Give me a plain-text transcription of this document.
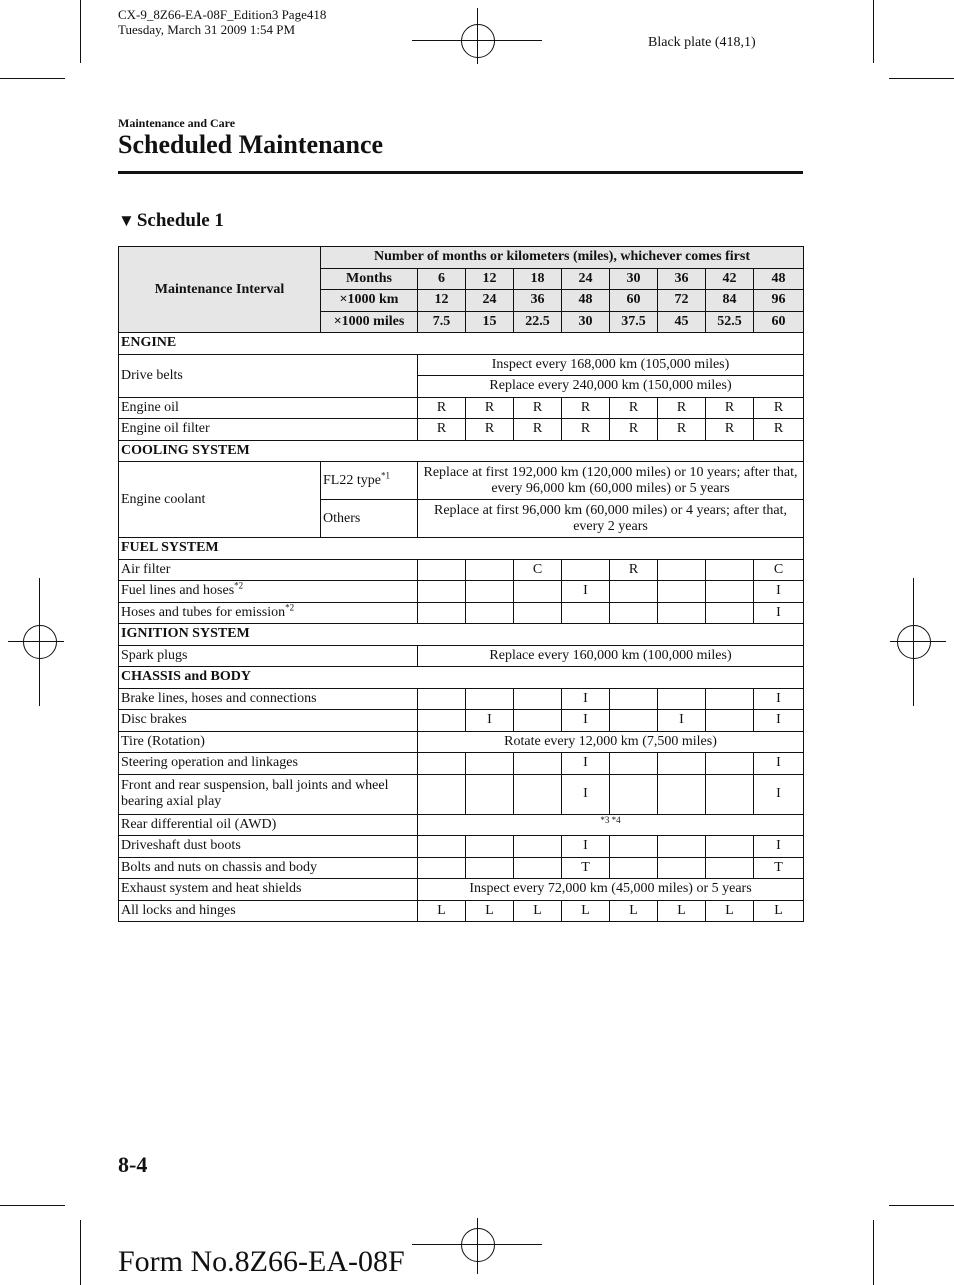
CX-9_8Z66-EA-08F_Edition3 Page418
Tuesday, March 31 2009 1:54 PM
Black plate (418,1)
Maintenance and Care
Scheduled Maintenance
▼ Schedule 1
Maintenance Interval	Number of months or kilometers (miles), whichever comes first								
	Months	6	12	18	24	30	36	42	48
	×1000 km	12	24	36	48	60	72	84	96
	×1000 miles	7.5	15	22.5	30	37.5	45	52.5	60
ENGINE									
Drive belts		Inspect every 168,000 km (105,000 miles)							
		Replace every 240,000 km (150,000 miles)							
Engine oil		R	R	R	R	R	R	R	R
Engine oil filter		R	R	R	R	R	R	R	R
COOLING SYSTEM									
Engine coolant	FL22 type$^{*1}$	Replace at first 192,000 km (120,000 miles) or 10 years; after that, every 96,000 km (60,000 miles) or 5 years							
	Others	Replace at first 96,000 km (60,000 miles) or 4 years; after that, every 2 years							
FUEL SYSTEM									
Air filter				C		R			C
Fuel lines and hoses$^{*2}$					I				I
Hoses and tubes for emission$^{*2}$									I
IGNITION SYSTEM									
Spark plugs		Replace every 160,000 km (100,000 miles)							
CHASSIS and BODY									
Brake lines, hoses and connections					I				I
Disc brakes			I		I		I		I
Tire (Rotation)		Rotate every 12,000 km (7,500 miles)							
Steering operation and linkages					I				I
Front and rear suspension, ball joints and wheel bearing axial play					I				I
Rear differential oil (AWD)		*3 *4							
Driveshaft dust boots					I				I
Bolts and nuts on chassis and body					T				T
Exhaust system and heat shields		Inspect every 72,000 km (45,000 miles) or 5 years							
All locks and hinges		L	L	L	L	L	L	L	L
8-4
Form No.8Z66-EA-08F
